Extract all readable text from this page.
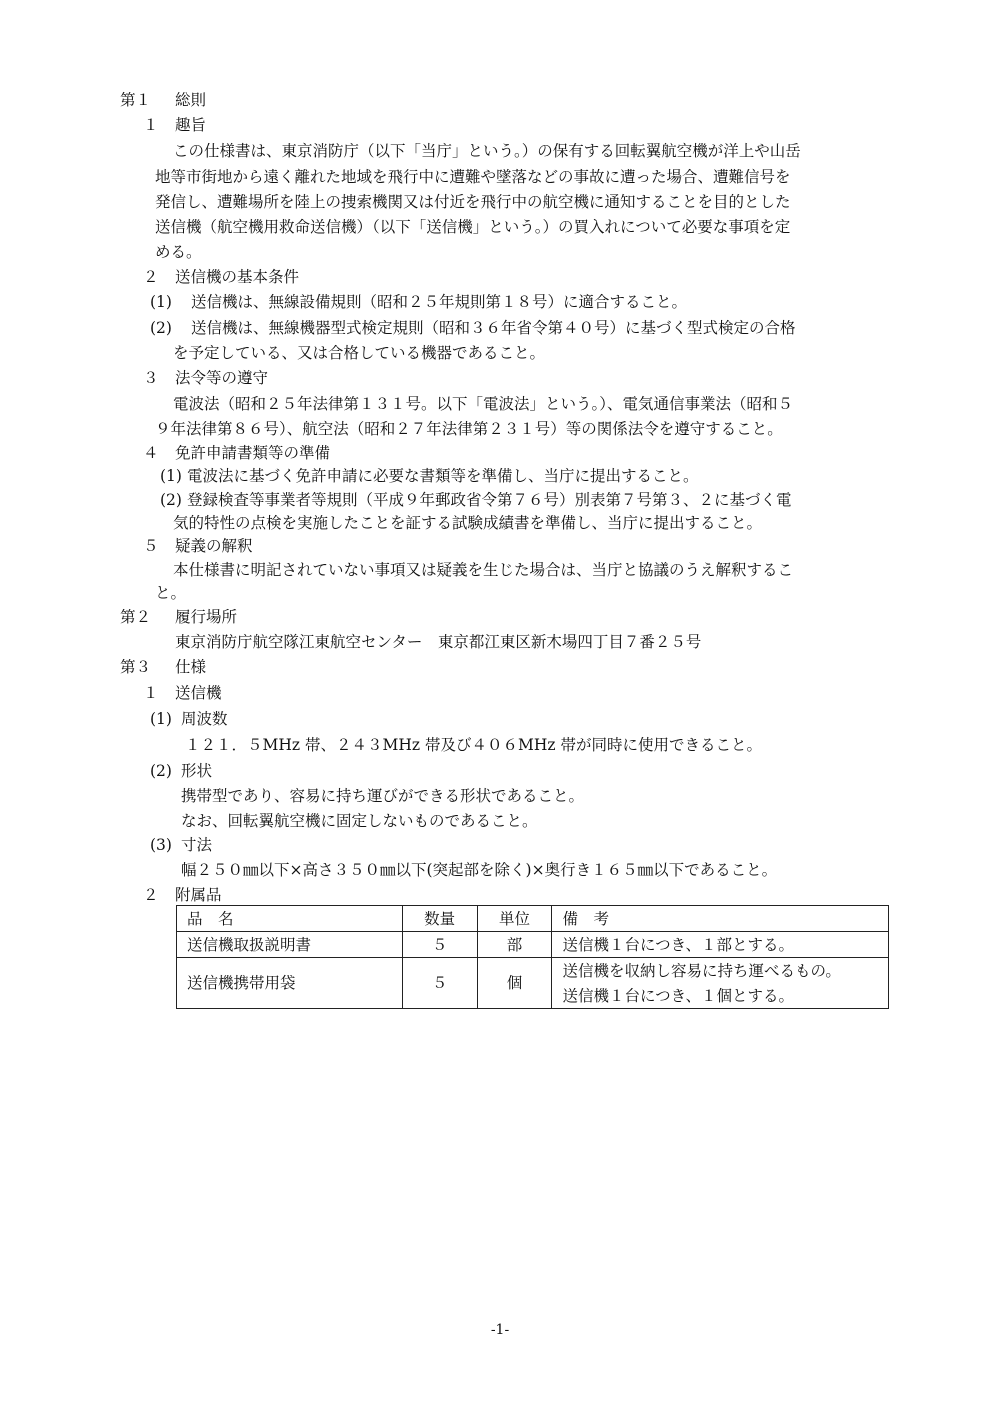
第１ 総則
１ 趣旨
この仕様書は、東京消防庁（以下「当庁」という。）の保有する回転翼航空機が洋上や山岳
地等市街地から遠く離れた地域を飛行中に遭難や墜落などの事故に遭った場合、遭難信号を
発信し、遭難場所を陸上の捜索機関又は付近を飛行中の航空機に通知することを目的とした
送信機（航空機用救命送信機）（以下「送信機」という。）の買入れについて必要な事項を定
める。
２ 送信機の基本条件
(1) 送信機は、無線設備規則（昭和２５年規則第１８号）に適合すること。
(2) 送信機は、無線機器型式検定規則（昭和３６年省令第４０号）に基づく型式検定の合格
を予定している、又は合格している機器であること。
３ 法令等の遵守
電波法（昭和２５年法律第１３１号。以下「電波法」という。）、電気通信事業法（昭和５
９年法律第８６号）、航空法（昭和２７年法律第２３１号）等の関係法令を遵守すること。
４ 免許申請書類等の準備
(1) 電波法に基づく免許申請に必要な書類等を準備し、当庁に提出すること。
(2) 登録検査等事業者等規則（平成９年郵政省令第７６号）別表第７号第３、２に基づく電
気的特性の点検を実施したことを証する試験成績書を準備し、当庁に提出すること。
５ 疑義の解釈
本仕様書に明記されていない事項又は疑義を生じた場合は、当庁と協議のうえ解釈するこ
と。
第２ 履行場所
東京消防庁航空隊江東航空センター　東京都江東区新木場四丁目７番２５号
第３ 仕様
１ 送信機
(1) 周波数
１２１．５MHz 帯、２４３MHz 帯及び４０６MHz 帯が同時に使用できること。
(2) 形状
携帯型であり、容易に持ち運びができる形状であること。
なお、回転翼航空機に固定しないものであること。
(3) 寸法
幅２５０㎜以下×高さ３５０㎜以下(突起部を除く)×奥行き１６５㎜以下であること。
２ 附属品
品　名	数量	単位	備　考
送信機取扱説明書	５	部	送信機１台につき、１部とする。
送信機携帯用袋	５	個	送信機を収納し容易に持ち運べるもの。
			送信機１台につき、１個とする。
-1-
